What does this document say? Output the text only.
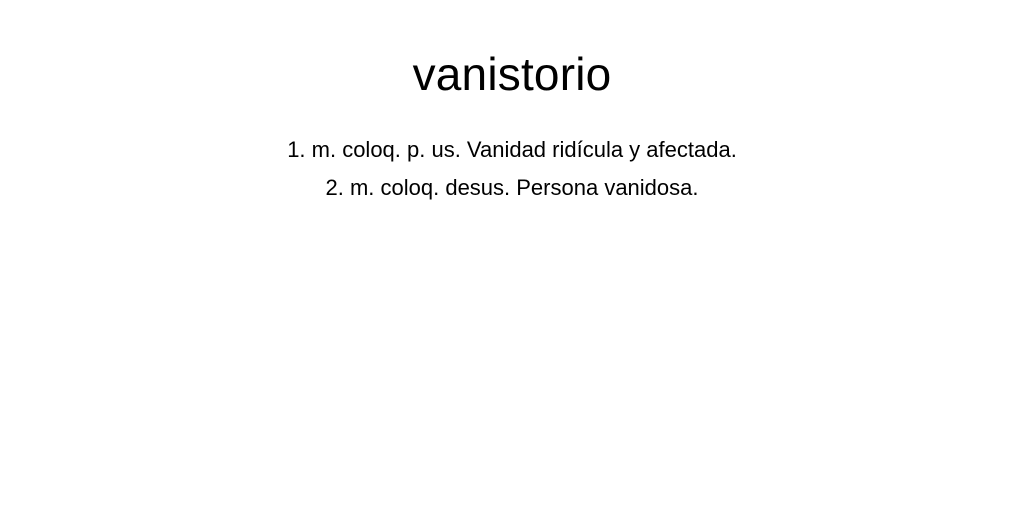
vanistorio
1. m. coloq. p. us. Vanidad ridícula y afectada.
2. m. coloq. desus. Persona vanidosa.
